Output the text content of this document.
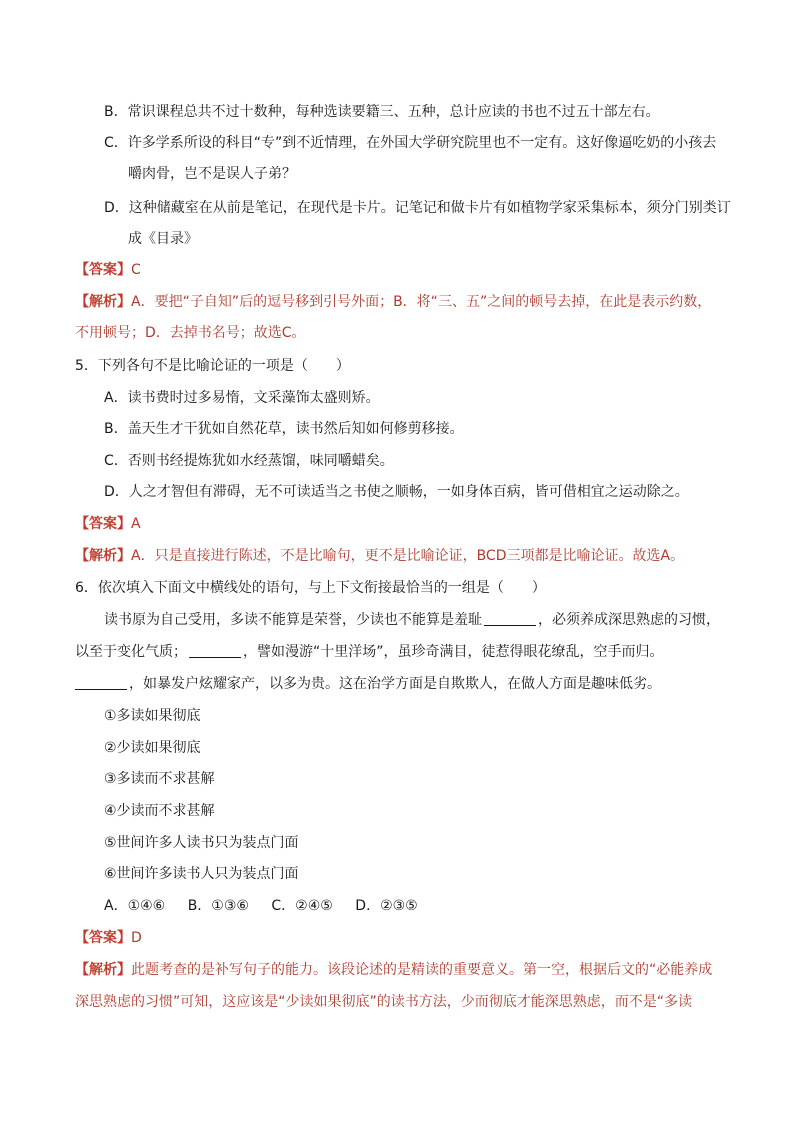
B．常识课程总共不过十数种，每种选读要籍三、五种，总计应读的书也不过五十部左右。
C．许多学系所设的科目“专”到不近情理，在外国大学研究院里也不一定有。这好像逼吃奶的小孩去
嚼肉骨，岂不是误人子弟？
D．这种储藏室在从前是笔记，在现代是卡片。记笔记和做卡片有如植物学家采集标本，须分门别类订
成《目录》
【答案】C
【解析】A．要把“子自知”后的逗号移到引号外面；B．将“三、五”之间的顿号去掉，在此是表示约数，
不用顿号；D．去掉书名号；故选C。
5．下列各句不是比喻论证的一项是（　　）
A．读书费时过多易惰，文采藻饰太盛则矫。
B．盖天生才干犹如自然花草，读书然后知如何修剪移接。
C．否则书经提炼犹如水经蒸馏，味同嚼蜡矣。
D．人之才智但有滞碍，无不可读适当之书使之顺畅，一如身体百病，皆可借相宜之运动除之。
【答案】A
【解析】A．只是直接进行陈述，不是比喻句，更不是比喻论证，BCD三项都是比喻论证。故选A。
6．依次填入下面文中横线处的语句，与上下文衔接最恰当的一组是（　　）
读书原为自己受用，多读不能算是荣誉，少读也不能算是羞耻	，必须养成深思熟虑的习惯，
以至于变化气质；	，譬如漫游“十里洋场”，虽珍奇满目，徒惹得眼花缭乱，空手而归。
，如暴发户炫耀家产，以多为贵。这在治学方面是自欺欺人，在做人方面是趣味低劣。
①多读如果彻底
②少读如果彻底
③多读而不求甚解
④少读而不求甚解
⑤世间许多人读书只为装点门面
⑥世间许多读书人只为装点门面
A．①④⑥ B．①③⑥ C．②④⑤ D．②③⑤
【答案】D
【解析】此题考查的是补写句子的能力。该段论述的是精读的重要意义。第一空，根据后文的“必能养成
深思熟虑的习惯”可知，这应该是“少读如果彻底”的读书方法，少而彻底才能深思熟虑，而不是“多读
